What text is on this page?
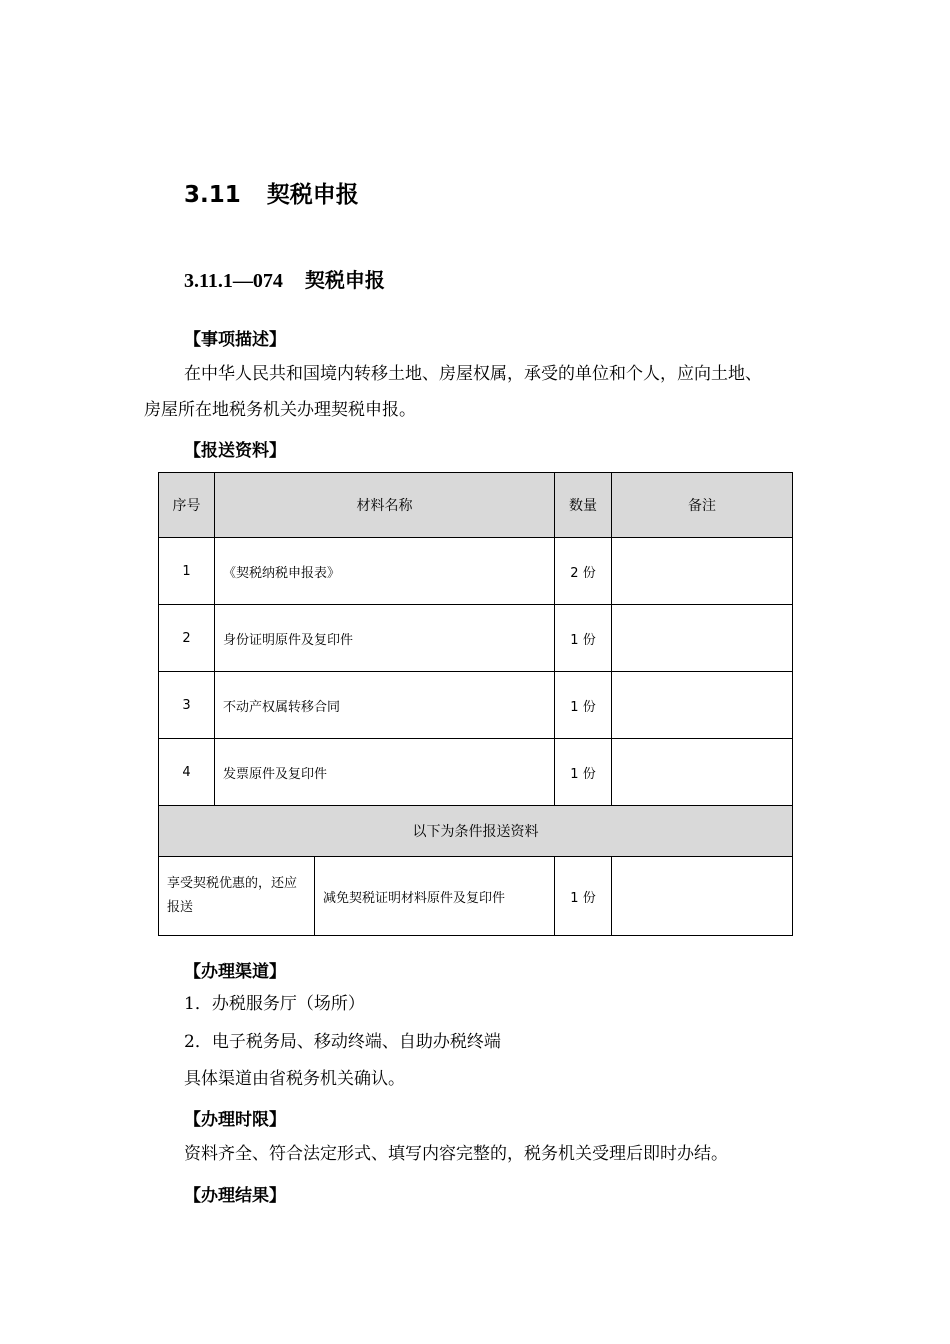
3.11 契税申报
3.11.1—074 契税申报
【事项描述】
在中华人民共和国境内转移土地、房屋权属，承受的单位和个人，应向土地、
房屋所在地税务机关办理契税申报。
【报送资料】
序号	材料名称		数量	备注
1	《契税纳税申报表》		2 份	
2	身份证明原件及复印件		1 份	
3	不动产权属转移合同		1 份	
4	发票原件及复印件		1 份	
以下为条件报送资料				
享受契税优惠的，还应报送		减免契税证明材料原件及复印件	1 份	
【办理渠道】
1．办税服务厅（场所）
2．电子税务局、移动终端、自助办税终端
具体渠道由省税务机关确认。
【办理时限】
资料齐全、符合法定形式、填写内容完整的，税务机关受理后即时办结。
【办理结果】
